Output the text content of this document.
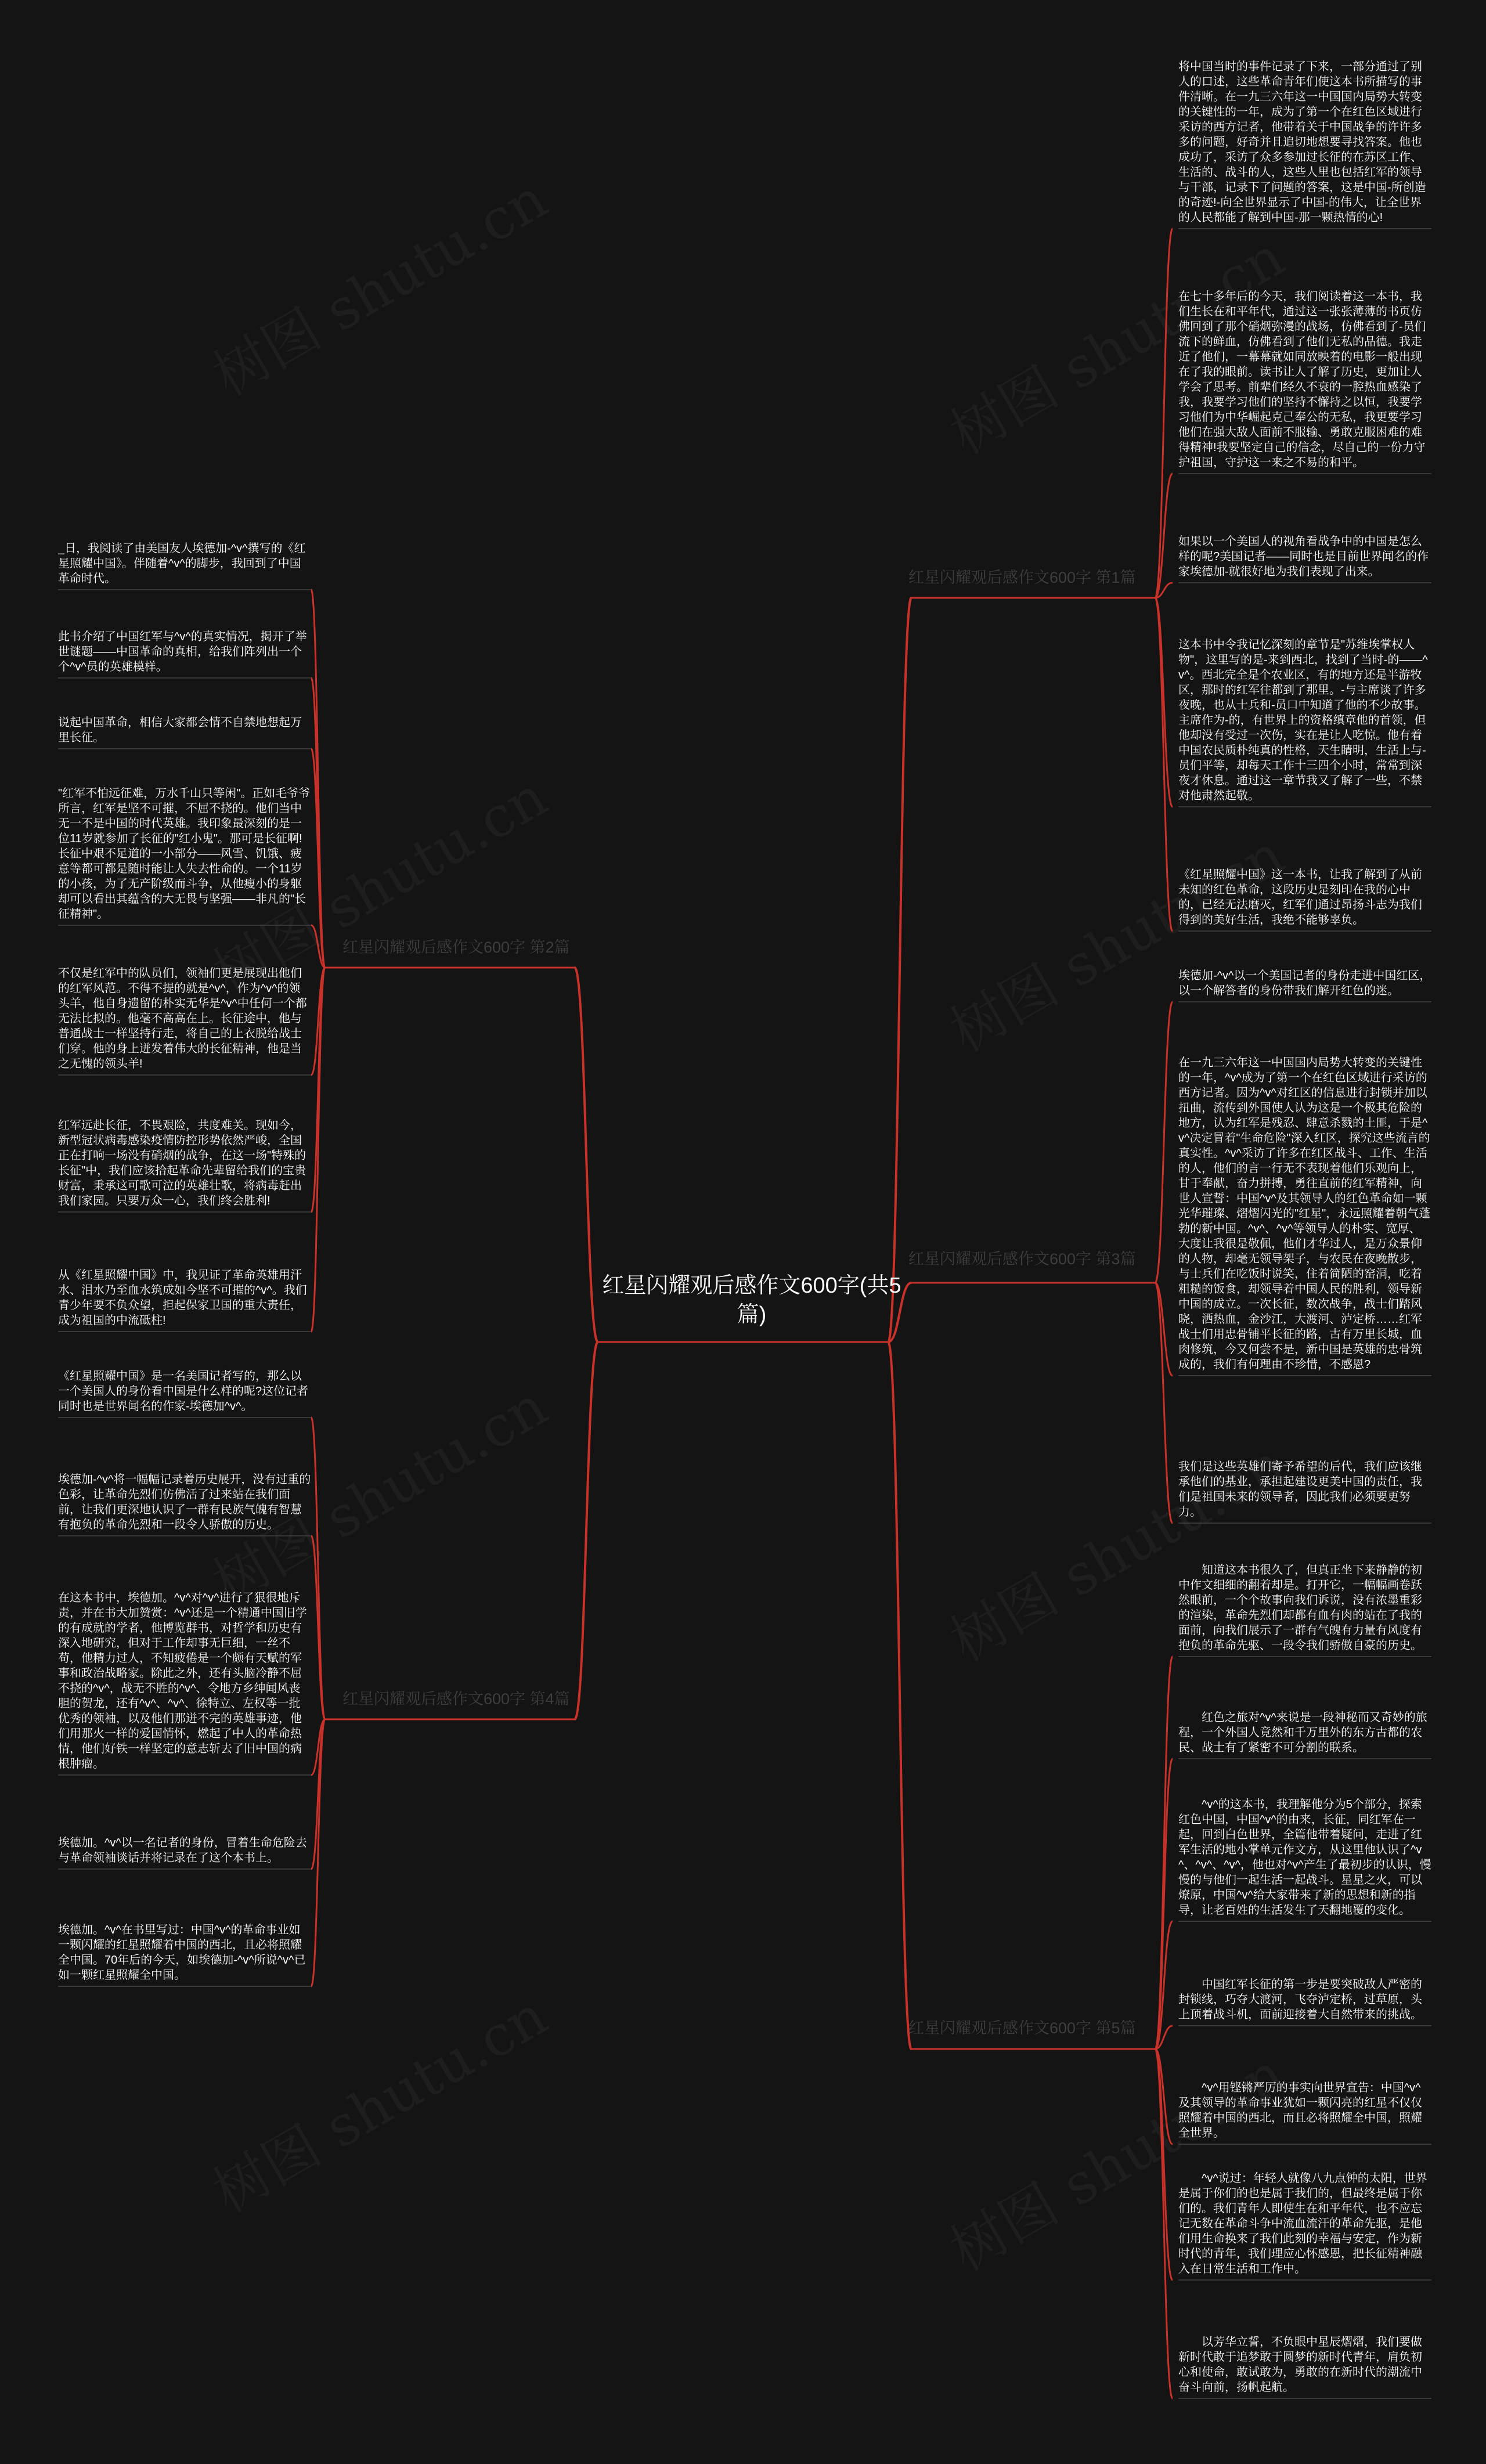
红星闪耀观后感作文600字(共5篇)
红星闪耀观后感作文600字 第1篇
红星闪耀观后感作文600字 第2篇
红星闪耀观后感作文600字 第3篇
红星闪耀观后感作文600字 第4篇
红星闪耀观后感作文600字 第5篇

将中国当时的事件记录了下来，一部分通过了别人的口述，这些革命青年们使这本书所描写的事件清晰。在一九三六年这一中国国内局势大转变的关键性的一年，成为了第一个在红色区域进行采访的西方记者，他带着关于中国战争的许许多多的问题，好奇并且追切地想要寻找答案。他也成功了，采访了众多参加过长征的在苏区工作、生活的、战斗的人，这些人里也包括红军的领导与干部，记录下了问题的答案，这是中国-所创造的奇迹!-向全世界显示了中国-的伟大，让全世界的人民都能了解到中国-那一颗热情的心!

在七十多年后的今天，我们阅读着这一本书，我们生长在和平年代，通过这一张张薄薄的书页仿佛回到了那个硝烟弥漫的战场，仿佛看到了-员们流下的鲜血，仿佛看到了他们无私的品德。我走近了他们，一幕幕就如同放映着的电影一般出现在了我的眼前。读书让人了解了历史，更加让人学会了思考。前辈们经久不衰的一腔热血感染了我，我要学习他们的坚持不懈持之以恒，我要学习他们为中华崛起克己奉公的无私，我更要学习他们在强大敌人面前不服输、勇敢克服困难的难得精神!我要坚定自己的信念，尽自己的一份力守护祖国，守护这一来之不易的和平。

如果以一个美国人的视角看战争中的中国是怎么样的呢?美国记者——同时也是目前世界闻名的作家埃德加-就很好地为我们表现了出来。

这本书中令我记忆深刻的章节是"苏维埃掌权人物"，这里写的是-来到西北，找到了当时-的——^v^。西北完全是个农业区，有的地方还是半游牧区，那时的红军往都到了那里。-与主席谈了许多夜晚，也从士兵和-员口中知道了他的不少故事。主席作为-的，有世界上的资格缜章他的首领，但他却没有受过一次伤，实在是让人吃惊。他有着中国农民质朴纯真的性格，天生睛明，生活上与-员们平等，却每天工作十三四个小时，常常到深夜才休息。通过这一章节我又了解了一些，不禁对他肃然起敬。

《红星照耀中国》这一本书，让我了解到了从前未知的红色革命，这段历史是刻印在我的心中的，已经无法磨灭，红军们通过昂扬斗志为我们得到的美好生活，我绝不能够辜负。

_日，我阅读了由美国友人埃德加-^v^撰写的《红星照耀中国》。伴随着^v^的脚步，我回到了中国革命时代。

此书介绍了中国红军与^v^的真实情况，揭开了举世谜题——中国革命的真相，给我们阵列出一个个^v^员的英雄模样。

说起中国革命，相信大家都会情不自禁地想起万里长征。

"红军不怕远征难，万水千山只等闲"。正如毛爷爷所言，红军是坚不可摧，不屈不挠的。他们当中无一不是中国的时代英雄。我印象最深刻的是一位11岁就参加了长征的"红小鬼"。那可是长征啊!长征中艰不足道的一小部分——风雪、饥饿、疲意等都可都是随时能让人失去性命的。一个11岁的小孩，为了无产阶级而斗争，从他瘦小的身躯却可以看出其蕴含的大无畏与坚强——非凡的"长征精神"。

不仅是红军中的队员们，领袖们更是展现出他们的红军风范。不得不提的就是^v^，作为^v^的领头羊，他自身遗留的朴实无华是^v^中任何一个都无法比拟的。他毫不高高在上。长征途中，他与普通战士一样坚持行走，将自己的上衣脱给战士们穿。他的身上迸发着伟大的长征精神，他是当之无愧的领头羊!

红军远赴长征，不畏艰险，共度难关。现如今，新型冠状病毒感染疫情防控形势依然严峻，全国正在打响一场没有硝烟的战争，在这一场"特殊的长征"中，我们应该拾起革命先辈留给我们的宝贵财富，秉承这可歌可泣的英雄壮歌，将病毒赶出我们家园。只要万众一心，我们终会胜利!

从《红星照耀中国》中，我见证了革命英雄用汗水、泪水乃至血水筑成如今坚不可摧的^v^。我们青少年要不负众望，担起保家卫国的重大责任，成为祖国的中流砥柱!

埃德加-^v^以一个美国记者的身份走进中国红区，以一个解答者的身份带我们解开红色的迷。

在一九三六年这一中国国内局势大转变的关键性的一年，^v^成为了第一个在红色区域进行采访的西方记者。因为^v^对红区的信息进行封锁并加以扭曲，流传到外国使人认为这是一个极其危险的地方，认为红军是残忍、肆意杀戮的土匪，于是^v^决定冒着"生命危险"深入红区，探究这些流言的真实性。^v^采访了许多在红区战斗、工作、生活的人，他们的言一行无不表现着他们乐观向上，甘于奉献，奋力拼搏，勇往直前的红军精神，向世人宣誓：中国^v^及其领导人的红色革命如一颗光华璀璨、熠熠闪光的"红星"，永远照耀着朝气蓬勃的新中国。^v^、^v^等领导人的朴实、宽厚、大度让我很是敬佩，他们才华过人，是万众景仰的人物，却毫无领导架子，与农民在夜晚散步，与士兵们在吃饭时说笑，住着简陋的窑洞，吃着粗糙的饭食，却领导着中国人民的胜利，领导新中国的成立。一次长征，数次战争，战士们踏风晓，洒热血，金沙江，大渡河、泸定桥……红军战士们用忠骨铺平长征的路，古有万里长城，血肉修筑，今又何尝不是，新中国是英雄的忠骨筑成的，我们有何理由不珍惜，不感恩?

我们是这些英雄们寄予希望的后代，我们应该继承他们的基业，承担起建设更美中国的责任，我们是祖国未来的领导者，因此我们必须要更努力。

《红星照耀中国》是一名美国记者写的，那么以一个美国人的身份看中国是什么样的呢?这位记者同时也是世界闻名的作家-埃德加^v^。

埃德加-^v^将一幅幅记录着历史展开，没有过重的色彩，让革命先烈们仿佛活了过来站在我们面前，让我们更深地认识了一群有民族气魄有智慧有抱负的革命先烈和一段令人骄傲的历史。

在这本书中，埃德加。^v^对^v^进行了狠很地斥责，并在书大加赞赏：^v^还是一个精通中国旧学的有成就的学者，他博览群书，对哲学和历史有深入地研究，但对于工作却事无巨细，一丝不苟，他精力过人，不知疲倦是一个颇有天赋的军事和政治战略家。除此之外，还有头脑冷静不屈不挠的^v^，战无不胜的^v^、令地方乡绅闻风丧胆的贺龙，还有^v^、^v^、徐特立、左权等一批优秀的领袖，以及他们那迸不完的英雄事迹，他们用那火一样的爱国情怀，燃起了中人的革命热情，他们好铁一样坚定的意志斩去了旧中国的病根肿瘤。

埃德加。^v^以一名记者的身份，冒着生命危险去与革命领袖谈话并将记录在了这个本书上。

埃德加。^v^在书里写过：中国^v^的革命事业如一颗闪耀的红星照耀着中国的西北，且必将照耀全中国。70年后的今天，如埃德加-^v^所说^v^已如一颗红星照耀全中国。

　　知道这本书很久了，但真正坐下来静静的初中作文细细的翻着却是。打开它，一幅幅画卷跃然眼前，一个个故事向我们诉说，没有浓墨重彩的渲染，革命先烈们却都有血有肉的站在了我的面前，向我们展示了一群有气魄有力量有风度有抱负的革命先驱、一段令我们骄傲自豪的历史。

　　红色之旅对^v^来说是一段神秘而又奇妙的旅程，一个外国人竟然和千万里外的东方古都的农民、战士有了紧密不可分割的联系。

　　^v^的这本书，我理解他分为5个部分，探索红色中国，中国^v^的由来，长征，同红军在一起，回到白色世界，全篇他带着疑问，走进了红军生活的地小掌单元作文方，从这里他认识了^v^、^v^、^v^，他也对^v^产生了最初步的认识，慢慢的与他们一起生活一起战斗。星星之火，可以燎原，中国^v^给大家带来了新的思想和新的指导，让老百姓的生活发生了天翻地覆的变化。

　　中国红军长征的第一步是要突破敌人严密的封锁线，巧夺大渡河，飞夺泸定桥，过草原，头上顶着战斗机，面前迎接着大自然带来的挑战。

　　^v^用铿锵严厉的事实向世界宣告：中国^v^及其领导的革命事业犹如一颗闪亮的红星不仅仅照耀着中国的西北，而且必将照耀全中国，照耀全世界。

　　^v^说过：年轻人就像八九点钟的太阳，世界是属于你们的也是属于我们的，但最终是属于你们的。我们青年人即使生在和平年代，也不应忘记无数在革命斗争中流血流汗的革命先驱，是他们用生命换来了我们此刻的幸福与安定，作为新时代的青年，我们理应心怀感恩，把长征精神融入在日常生活和工作中。

　　以芳华立誓，不负眼中星辰熠熠，我们要做新时代敢于追梦敢于圆梦的新时代青年，肩负初心和使命，敢试敢为，勇敢的在新时代的潮流中奋斗向前，扬帆起航。
